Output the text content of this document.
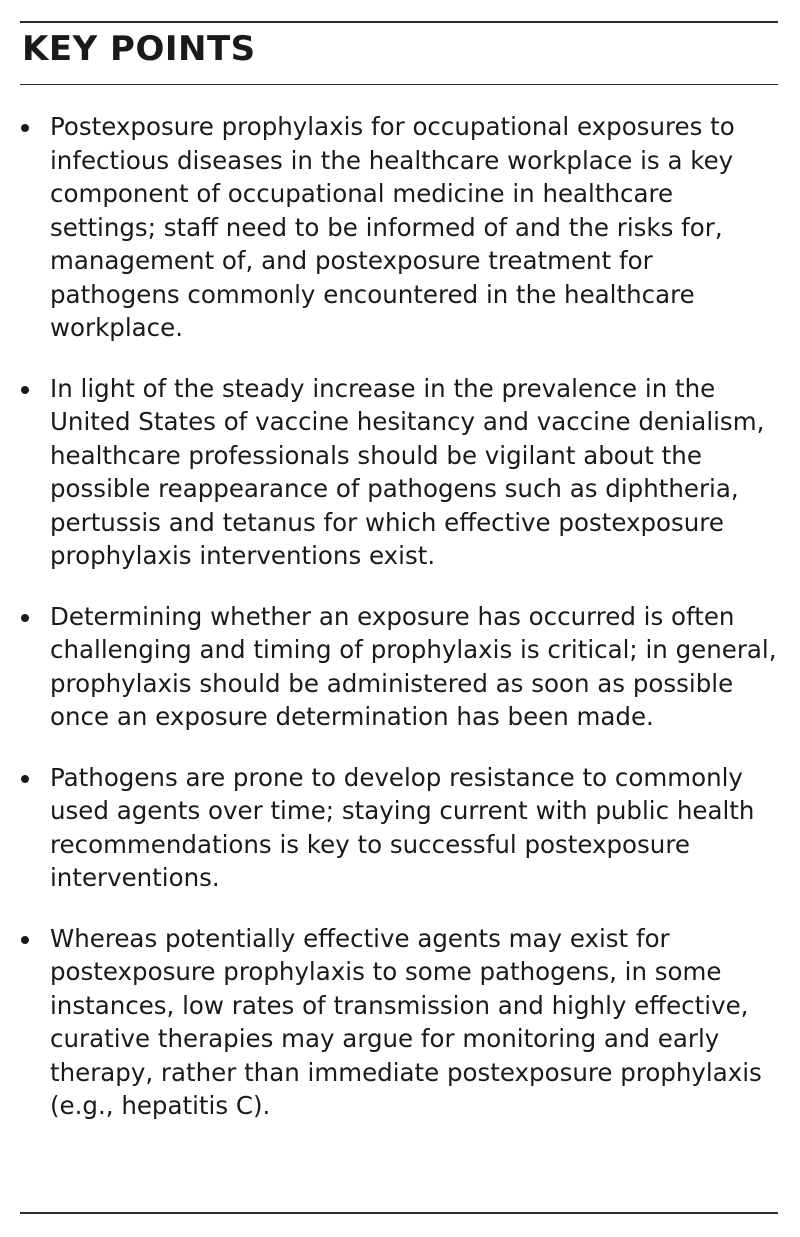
KEY POINTS
Postexposure prophylaxis for occupational exposures to infectious diseases in the healthcare workplace is a key component of occupational medicine in healthcare settings; staff need to be informed of and the risks for, management of, and postexposure treatment for pathogens commonly encountered in the healthcare workplace.
In light of the steady increase in the prevalence in the United States of vaccine hesitancy and vaccine denialism, healthcare professionals should be vigilant about the possible reappearance of pathogens such as diphtheria, pertussis and tetanus for which effective postexposure prophylaxis interventions exist.
Determining whether an exposure has occurred is often challenging and timing of prophylaxis is critical; in general, prophylaxis should be administered as soon as possible once an exposure determination has been made.
Pathogens are prone to develop resistance to commonly used agents over time; staying current with public health recommendations is key to successful postexposure interventions.
Whereas potentially effective agents may exist for postexposure prophylaxis to some pathogens, in some instances, low rates of transmission and highly effective, curative therapies may argue for monitoring and early therapy, rather than immediate postexposure prophylaxis (e.g., hepatitis C).
